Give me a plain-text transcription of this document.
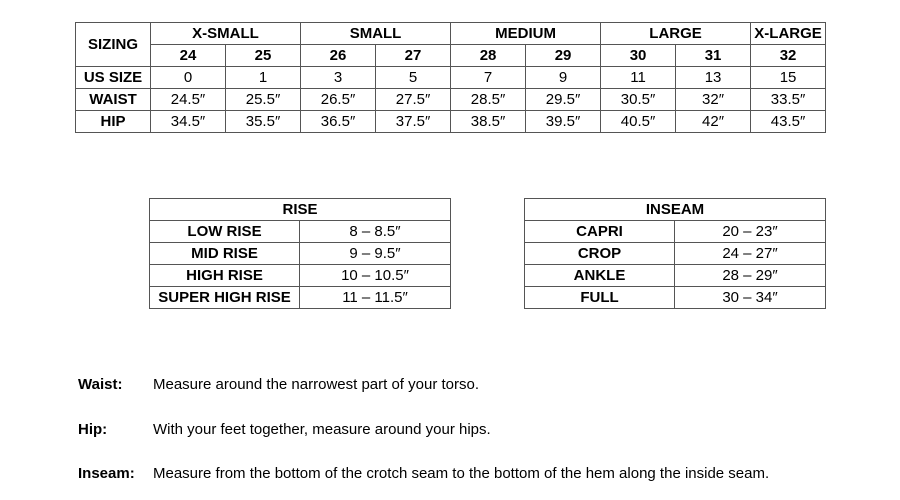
SIZING	X-SMALL		SMALL		MEDIUM		LARGE		X-LARGE
	24	25	26	27	28	29	30	31	32
US SIZE	0	1	3	5	7	9	11	13	15
WAIST	24.5″	25.5″	26.5″	27.5″	28.5″	29.5″	30.5″	32″	33.5″
HIP	34.5″	35.5″	36.5″	37.5″	38.5″	39.5″	40.5″	42″	43.5″
RISE	
LOW RISE	8 – 8.5″
MID RISE	9 – 9.5″
HIGH RISE	10 – 10.5″
SUPER HIGH RISE	11 – 11.5″
INSEAM	
CAPRI	20 – 23″
CROP	24 – 27″
ANKLE	28 – 29″
FULL	30 – 34″
Waist: Measure around the narrowest part of your torso.
Hip:	With your feet together, measure around your hips.
Inseam: Measure from the bottom of the crotch seam to the bottom of the hem along the inside seam.
